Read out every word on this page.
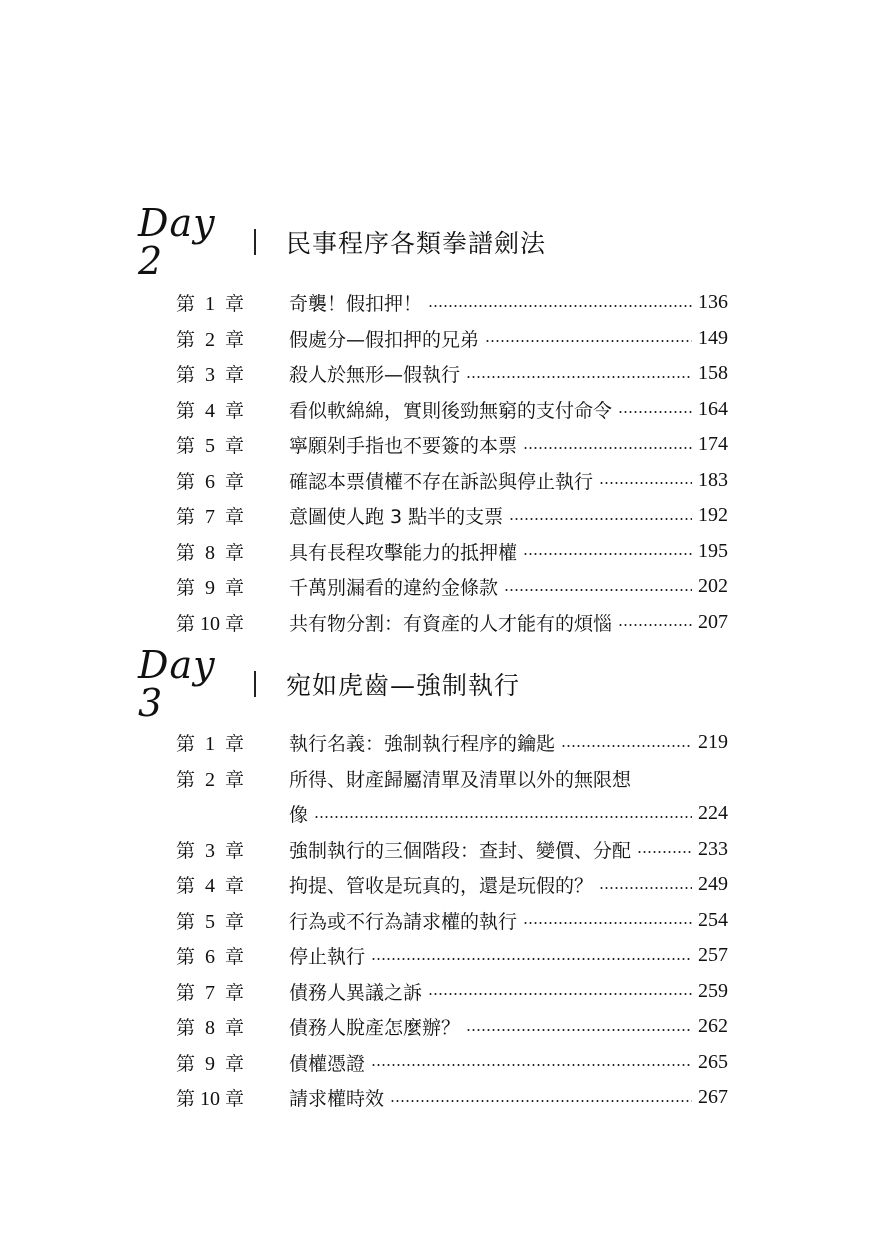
Day 2	民事程序各類拳譜劍法
第 1 章	奇襲！假扣押！	136
第 2 章	假處分—假扣押的兄弟	149
第 3 章	殺人於無形—假執行	158
第 4 章	看似軟綿綿，實則後勁無窮的支付命令	164
第 5 章	寧願剁手指也不要簽的本票	174
第 6 章	確認本票債權不存在訴訟與停止執行	183
第 7 章	意圖使人跑 3 點半的支票	192
第 8 章	具有長程攻擊能力的抵押權	195
第 9 章	千萬別漏看的違約金條款	202
第 10 章	共有物分割：有資產的人才能有的煩惱	207
Day 3	宛如虎齒—強制執行
第 1 章	執行名義：強制執行程序的鑰匙	219
第 2 章	所得、財產歸屬清單及清單以外的無限想
像	224
第 3 章	強制執行的三個階段：查封、變價、分配	233
第 4 章	拘提、管收是玩真的，還是玩假的？	249
第 5 章	行為或不行為請求權的執行	254
第 6 章	停止執行	257
第 7 章	債務人異議之訴	259
第 8 章	債務人脫產怎麼辦？	262
第 9 章	債權憑證	265
第 10 章	請求權時效	267
